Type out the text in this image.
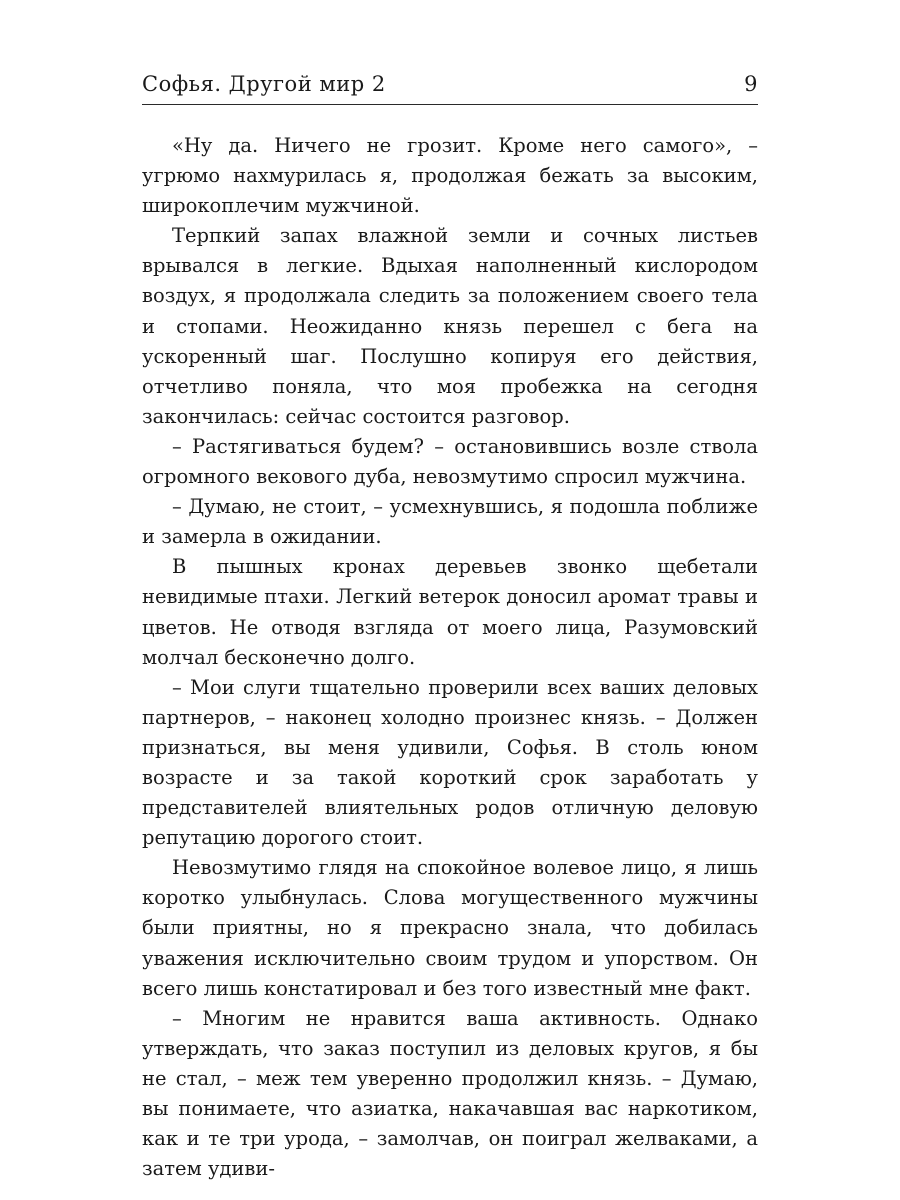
Софья. Другой мир 2	9

«Ну да. Ничего не грозит. Кроме него самого», – угрюмо нахмурилась я, продолжая бежать за высоким, широкоплечим мужчиной.

Терпкий запах влажной земли и сочных листьев врывался в легкие. Вдыхая наполненный кислородом воздух, я продолжала следить за положением своего тела и стопами. Неожиданно князь перешел с бега на ускоренный шаг. Послушно копируя его действия, отчетливо поняла, что моя пробежка на сегодня закончилась: сейчас состоится разговор.

– Растягиваться будем? – остановившись возле ствола огромного векового дуба, невозмутимо спросил мужчина.

– Думаю, не стоит, – усмехнувшись, я подошла поближе и замерла в ожидании.

В пышных кронах деревьев звонко щебетали невидимые птахи. Легкий ветерок доносил аромат травы и цветов. Не отводя взгляда от моего лица, Разумовский молчал бесконечно долго.

– Мои слуги тщательно проверили всех ваших деловых партнеров, – наконец холодно произнес князь. – Должен признаться, вы меня удивили, Софья. В столь юном возрасте и за такой короткий срок заработать у представителей влиятельных родов отличную деловую репутацию дорогого стоит.

Невозмутимо глядя на спокойное волевое лицо, я лишь коротко улыбнулась. Слова могущественного мужчины были приятны, но я прекрасно знала, что добилась уважения исключительно своим трудом и упорством. Он всего лишь констатировал и без того известный мне факт.

– Многим не нравится ваша активность. Однако утверждать, что заказ поступил из деловых кругов, я бы не стал, – меж тем уверенно продолжил князь. – Думаю, вы понимаете, что азиатка, накачавшая вас наркотиком, как и те три урода, – замолчав, он поиграл желваками, а затем удиви-
